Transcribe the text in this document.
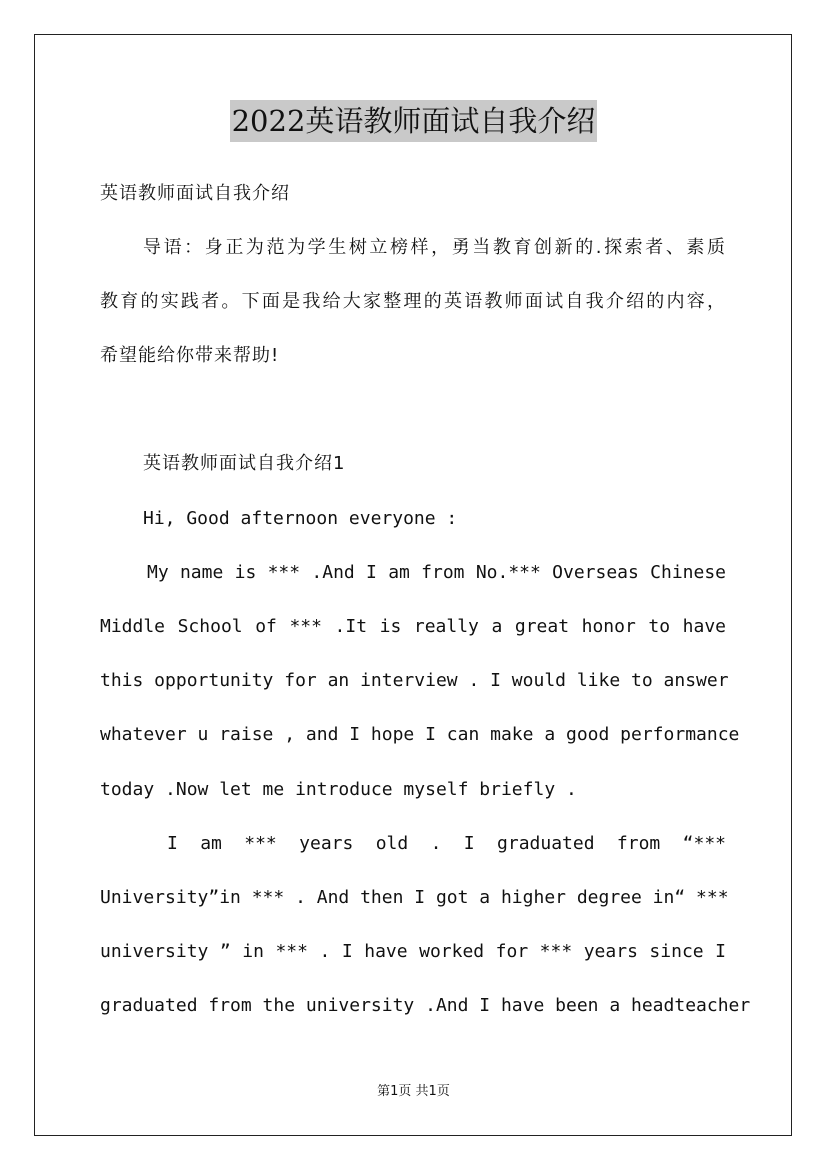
2022英语教师面试自我介绍
英语教师面试自我介绍
导语：身正为范为学生树立榜样，勇当教育创新的.探索者、素质
教育的实践者。下面是我给大家整理的英语教师面试自我介绍的内容，
希望能给你带来帮助!
英语教师面试自我介绍1
Hi, Good afternoon everyone :
My name is *** .And I am from No.*** Overseas Chinese
Middle School of *** .It is really a great honor to have
this opportunity for an interview . I would like to answer
whatever u raise , and I hope I can make a good performance
today .Now let me introduce myself briefly .
I am *** years old . I graduated from “***
University”in *** . And then I got a higher degree in“ ***
university ” in *** . I have worked for *** years since I
graduated from the university .And I have been a headteacher
第1页 共1页
